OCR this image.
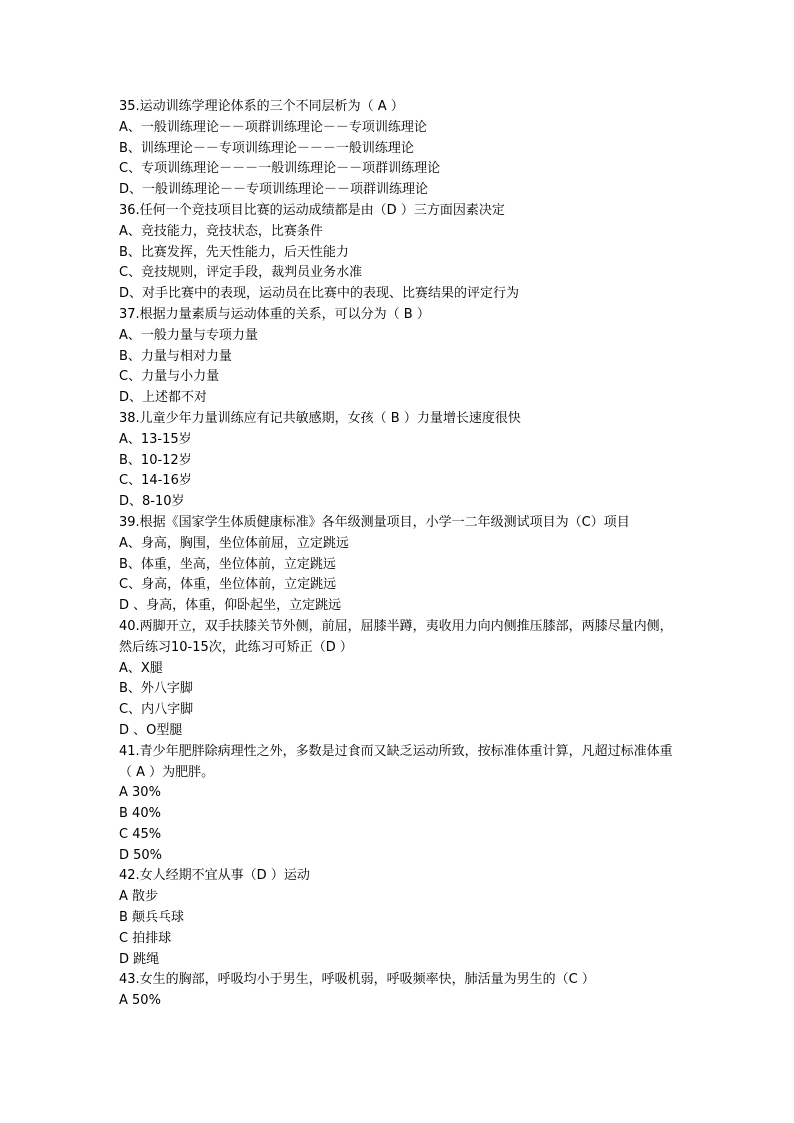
35.运动训练学理论体系的三个不同层析为（ A ）
A、一般训练理论－－项群训练理论－－专项训练理论
B、训练理论－－专项训练理论－－－一般训练理论
C、专项训练理论－－－一般训练理论－－项群训练理论
D、一般训练理论－－专项训练理论－－项群训练理论
36.任何一个竞技项目比赛的运动成绩都是由（D ）三方面因素决定
A、竞技能力，竞技状态，比赛条件
B、比赛发挥，先天性能力，后天性能力
C、竞技规则，评定手段，裁判员业务水准
D、对手比赛中的表现，运动员在比赛中的表现、比赛结果的评定行为
37.根据力量素质与运动体重的关系，可以分为（ B ）
A、一般力量与专项力量
B、力量与相对力量
C、力量与小力量
D、上述都不对
38.儿童少年力量训练应有记共敏感期，女孩（ B ）力量增长速度很快
A、13-15岁
B、10-12岁
C、14-16岁
D、8-10岁
39.根据《国家学生体质健康标准》各年级测量项目，小学一二年级测试项目为（C）项目
A、身高，胸围，坐位体前屈，立定跳远
B、体重，坐高，坐位体前，立定跳远
C、身高，体重，坐位体前，立定跳远
D 、身高，体重，仰卧起坐，立定跳远
40.两脚开立，双手扶膝关节外侧，前屈，屈膝半蹲，夷收用力向内侧推压膝部，两膝尽量内侧，然后练习10-15次，此练习可矫正（D ）
A、X腿
B、外八字脚
C、内八字脚
D 、O型腿
41.青少年肥胖除病理性之外，多数是过食而又缺乏运动所致，按标准体重计算，凡超过标准体重（ A ）为肥胖。
A 30%
B 40%
C 45%
D 50%
42.女人经期不宜从事（D ）运动
A 散步
B 颠兵乓球
C 拍排球
D 跳绳
43.女生的胸部，呼吸均小于男生，呼吸机弱，呼吸频率快，肺活量为男生的（C ）
A 50%
